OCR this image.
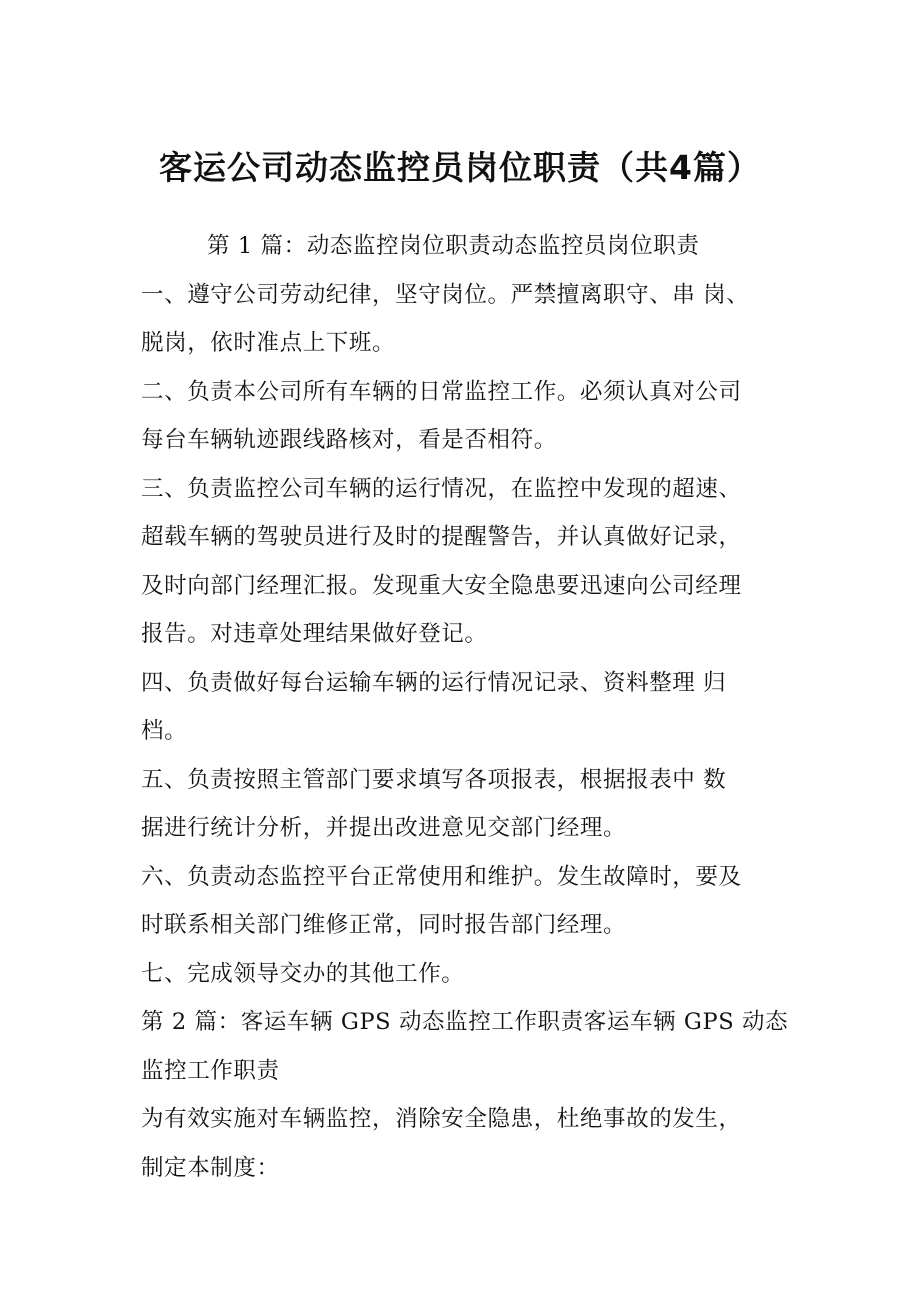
客运公司动态监控员岗位职责（共4篇）
第 1 篇：动态监控岗位职责动态监控员岗位职责
一、遵守公司劳动纪律，坚守岗位。严禁擅离职守、串 岗、
脱岗，依时准点上下班。
二、负责本公司所有车辆的日常监控工作。必须认真对公司
每台车辆轨迹跟线路核对，看是否相符。
三、负责监控公司车辆的运行情况，在监控中发现的超速、
超载车辆的驾驶员进行及时的提醒警告，并认真做好记录，
及时向部门经理汇报。发现重大安全隐患要迅速向公司经理
报告。对违章处理结果做好登记。
四、负责做好每台运输车辆的运行情况记录、资料整理 归
档。
五、负责按照主管部门要求填写各项报表，根据报表中 数
据进行统计分析，并提出改进意见交部门经理。
六、负责动态监控平台正常使用和维护。发生故障时，要及
时联系相关部门维修正常，同时报告部门经理。
七、完成领导交办的其他工作。
第 2 篇：客运车辆 GPS 动态监控工作职责客运车辆 GPS 动态
监控工作职责
为有效实施对车辆监控，消除安全隐患，杜绝事故的发生，
制定本制度：
